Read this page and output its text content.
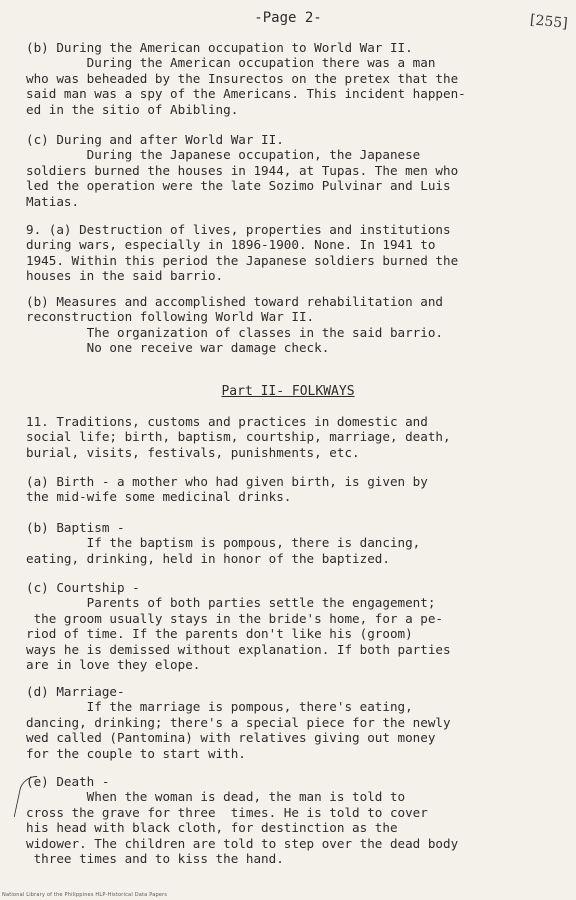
-Page 2-	[255]

(b) During the American occupation to World War II.

During the American occupation there was a man

who was beheaded by the Insurectos on the pretex that the

said man was a spy of the Americans. This incident happen-

ed in the sitio of Abibling.

(c) During and after World War II.

During the Japanese occupation, the Japanese

soldiers burned the houses in 1944, at Tupas. The men who

led the operation were the late Sozimo Pulvinar and Luis

Matias.

9. (a) Destruction of lives, properties and institutions

during wars, especially in 1896-1900. None. In 1941 to

1945. Within this period the Japanese soldiers burned the

houses in the said barrio.

(b) Measures and accomplished toward rehabilitation and

reconstruction following World War II.

The organization of classes in the said barrio.

No one receive war damage check.

Part II- FOLKWAYS

11. Traditions, customs and practices in domestic and

social life; birth, baptism, courtship, marriage, death,

burial, visits, festivals, punishments, etc.

(a) Birth - a mother who had given birth, is given by

the mid-wife some medicinal drinks.

(b) Baptism -

If the baptism is pompous, there is dancing,

eating, drinking, held in honor of the baptized.

(c) Courtship -

Parents of both parties settle the engagement;

the groom usually stays in the bride's home, for a pe-

riod of time. If the parents don't like his (groom)

ways he is demissed without explanation. If both parties

are in love they elope.

(d) Marriage-

If the marriage is pompous, there's eating,

dancing, drinking; there's a special piece for the newly

wed called (Pantomina) with relatives giving out money

for the couple to start with.

(e) Death -

When the woman is dead, the man is told to

cross the grave for three  times. He is told to cover

his head with black cloth, for destinction as the

widower. The children are told to step over the dead body

three times and to kiss the hand.

National Library of the Philippines HLP-Historical Data Papers
